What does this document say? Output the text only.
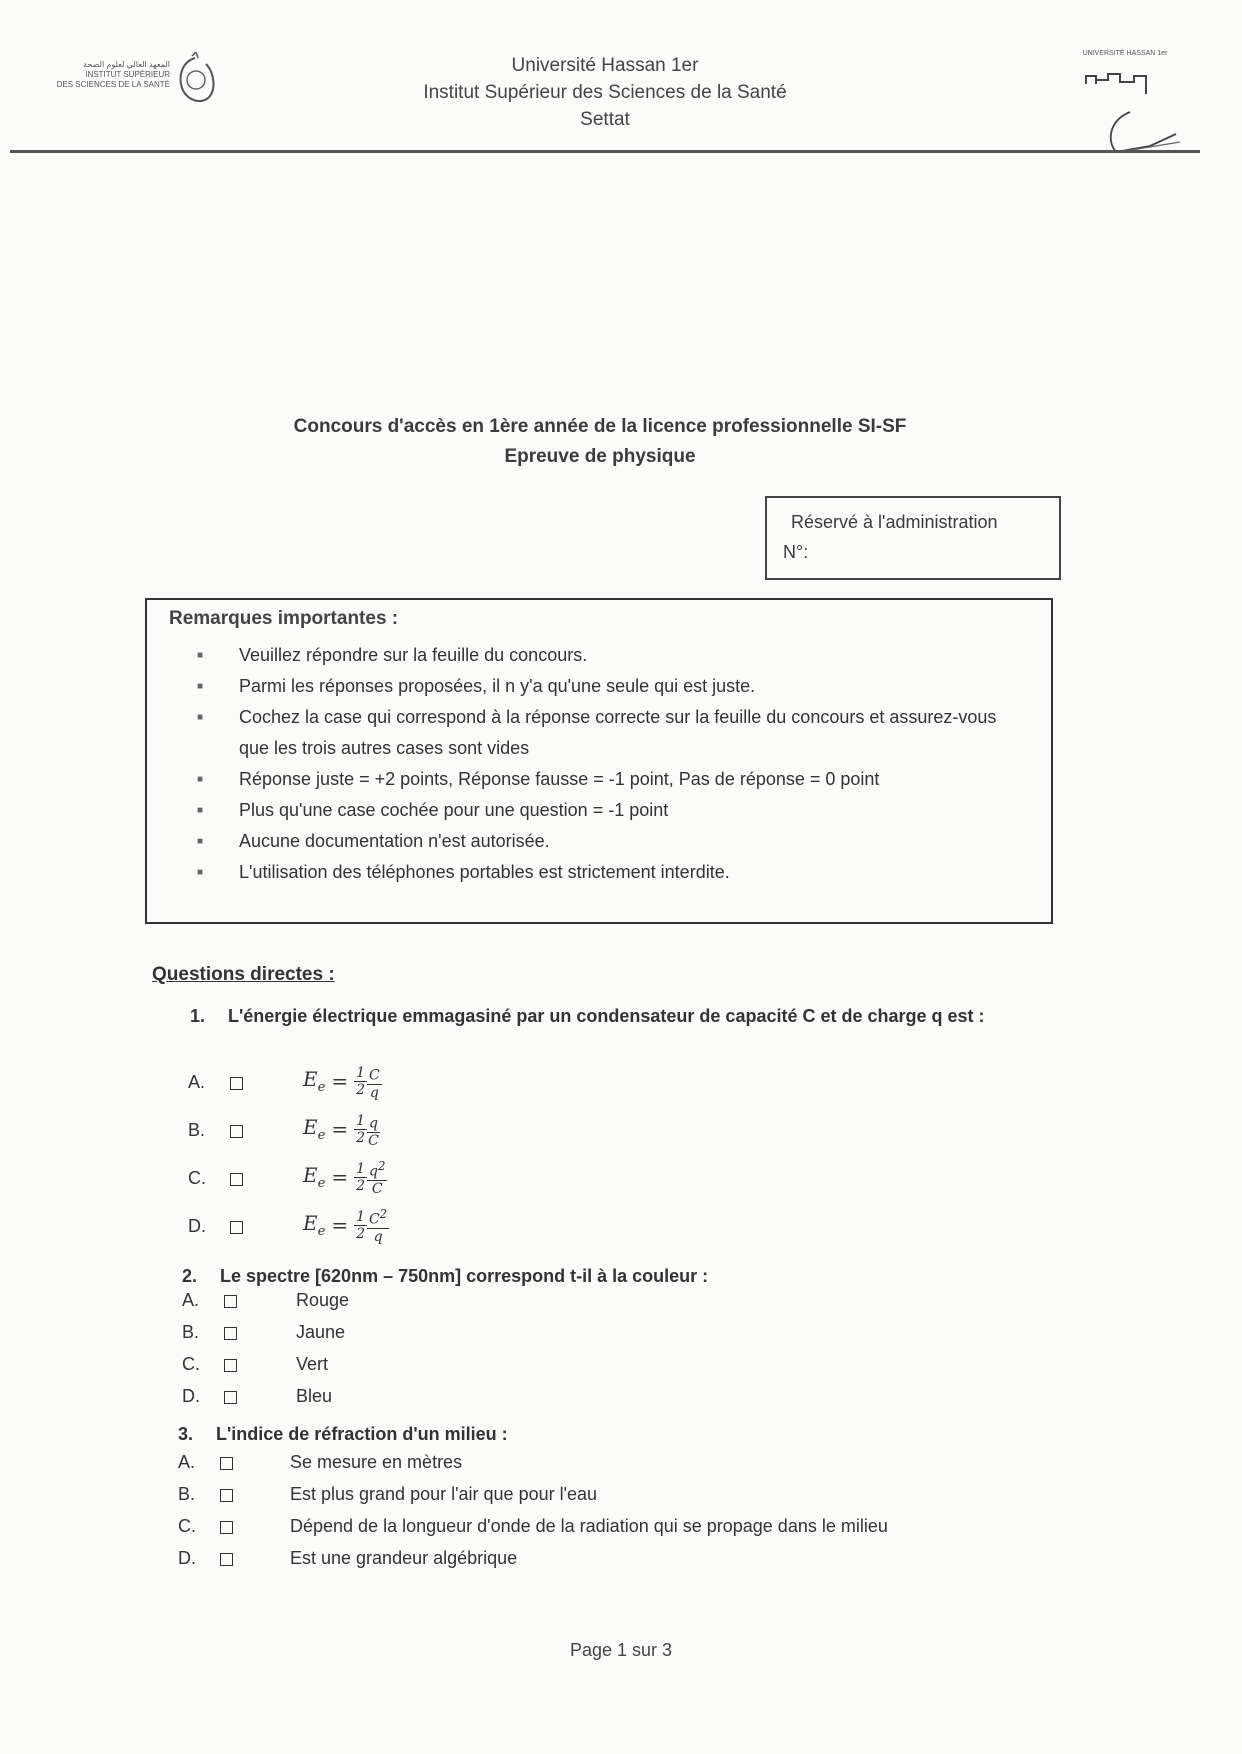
المعهد العالي لعلوم الصحة
INSTITUT SUPÉRIEUR
DES SCIENCES DE LA SANTÉ
Université Hassan 1er
Institut Supérieur des Sciences de la Santé
Settat
UNIVERSITÉ HASSAN 1er
Concours d'accès en 1ère année de la licence professionnelle SI-SF
Epreuve de physique
Réservé à l'administration
N°:
Remarques importantes :
■ Veuillez répondre sur la feuille du concours.
■ Parmi les réponses proposées, il n y'a qu'une seule qui est juste.
■ Cochez la case qui correspond à la réponse correcte sur la feuille du concours et assurez-vous que les trois autres cases sont vides
■ Réponse juste = +2 points, Réponse fausse = -1 point, Pas de réponse = 0 point
■ Plus qu'une case cochée pour une question = -1 point
■ Aucune documentation n'est autorisée.
■ L'utilisation des téléphones portables est strictement interdite.
Questions directes :
1. L'énergie électrique emmagasiné par un condensateur de capacité C et de charge q est :
A.	$E_e = \frac{1}{2} \frac{C}{q}$
B.	$E_e = \frac{1}{2} \frac{q}{C}$
C.	$E_e = \frac{1}{2} \frac{q^2}{C}$
D.	$E_e = \frac{1}{2} \frac{C^2}{q}$
2. Le spectre [620nm – 750nm] correspond t-il à la couleur :
A.	Rouge
B.	Jaune
C.	Vert
D.	Bleu
3. L'indice de réfraction d'un milieu :
A.	Se mesure en mètres
B.	Est plus grand pour l'air que pour l'eau
C.	Dépend de la longueur d'onde de la radiation qui se propage dans le milieu
D.	Est une grandeur algébrique
Page 1 sur 3
